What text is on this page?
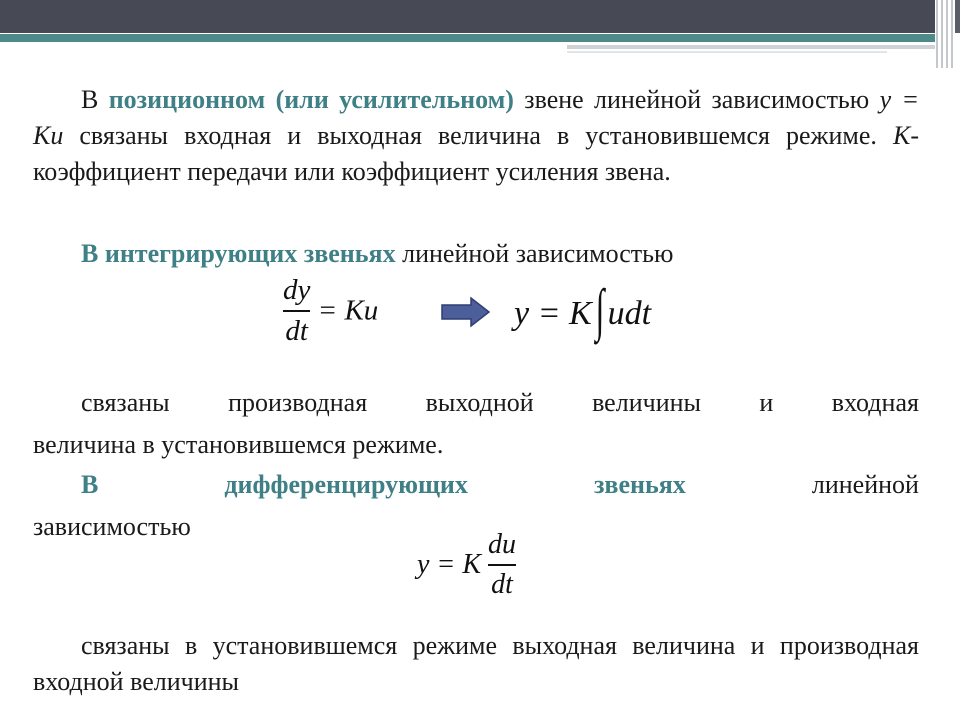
В позиционном (или усилительном) звене линейной зависимостью y = Ku связаны входная и выходная величина в установившемся режиме. K- коэффициент передачи или коэффициент усиления звена.
В интегрирующих звеньях линейной зависимостью
$\frac{dy}{dt} = Ku$	y = K∫ udt
связаны производная выходной величины и входная
величина в установившемся режиме.
В	дифференцирующих	звеньях	линейной
зависимостью
y = K $\frac{du}{dt}$
связаны в установившемся режиме выходная величина и производная входной величины
